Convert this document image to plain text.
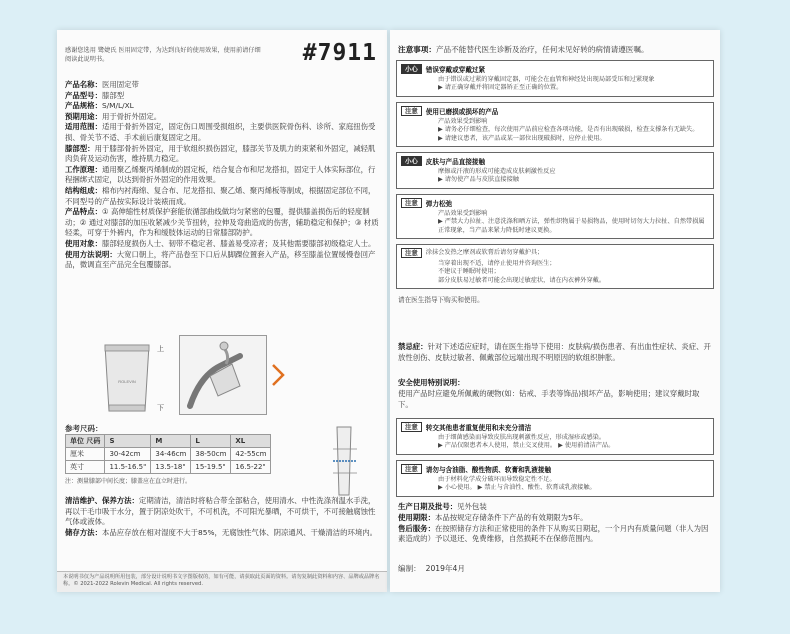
感谢您选用 鹭婕氏 医用固定带，为达到良好的使用效果，使用前请仔细阅读此说明书。	#7911
产品名称：医用固定带
产品型号：膝部型
产品规格：S/M/L/XL
预期用途：用于骨折外固定。
适用范围：适用于骨折外固定，固定伤口周围受损组织，主要供医院骨伤科、诊所、家庭扭伤受损、骨关节不适、手术前后康复固定之用。
膝部型：用于膝部骨折外固定，用于软组织损伤固定，膝部关节及肌力的束紧和外固定，减轻肌肉负荷及运动伤害，维持肌力稳定。
工作原理：通用聚乙烯聚丙烯制成的固定板，结合复合布和尼龙搭扣，固定于人体实际部位，行程捆绑式固定，以达到骨折外固定的作用效果。
结构组成：棉布内衬海绵、复合布、尼龙搭扣、聚乙烯、聚丙烯板等制成，根据固定部位不同，不同型号的产品按实际设计装裱而成。
产品特点：① 高伸缩性材质保护套能依循部曲线做均匀紧密的包覆，提供膝盖损伤后的轻度制动；② 通过对膝部的加压收紧减少关节扭转，拉伸及弯曲造成的伤害，辅助稳定和保护；③ 材质轻柔，可穿于外裤内，作为和缓肢体运动的日常膝部防护。
使用对象：膝部轻度损伤人士、韧带不稳定者、膝盖易受凉者；及其他需要膝部初级稳定人士。
使用方法说明：大宽口朝上，将产品卷至下口后从脚踝位置套入产品，移至膝盖位置缓慢卷回产品，微调直至产品完全包覆膝部。
ROLEVIN
上
下
参考尺码：
单位 尺码	S	M	L	XL
厘米	30-42cm	34-46cm	38-50cm	42-55cm
英寸	11.5-16.5"	13.5-18"	15-19.5"	16.5-22"
注：测量膝部中间长度；膝盖应在直立时进行。
清洁维护、保养方法：定期清洁，清洁时将粘合带全部粘合，使用清水、中性洗涤剂温水手洗，再以干毛巾吸干水分，置于阴凉处吹干，不可机洗，不可阳光暴晒，不可烘干，不可接触腐蚀性气体或液体。
储存方法：本品应存放在相对湿度不大于85%，无腐蚀性气体、阴凉通风、干燥清洁的环境内。
本说明书仅为产品说明所用包装，部分设计说明书文字图版权的，如有可能，请获取此页面的资料。请勿复制此资料和内容、品牌或品牌名称。© 2021-2022 Rolevin Medical. All rights reserved.
注意事项：产品不能替代医生诊断及治疗，任何未见好转的病情请遵医嘱。
小心	错误穿戴或穿戴过紧
由于错误或过紧的穿戴固定器，可能会在血管和神经处出现局部受压和过紧现象
▶ 请正确穿戴并将固定器矫正至正确的位置。
注意	使用已磨损或损坏的产品
产品效果受到影响
▶ 请务必仔细检查，每次使用产品前应检查各项功能，是否有出现破损，检查支撑条有无缺失。
▶ 请建议患者，该产品或某一部位出现破损时，应停止使用。
小心	皮肤与产品直接接触
摩擦或汗液的形成可能造成皮肤刺激性反应
▶ 请勿使产品与皮肤直接接触
注意	弹力松弛
产品效果受到影响
▶ 严禁大力拉扯、注意洗涤和晒方法，弹性织物属于易损物品，使用时切勿大力拉扯、自然带损属正常现象，当产品来紧力降低时建议更换。
注意	涂抹会发热之摩剂或软膏后请勿穿戴护具；
当穿着出现不适，请停止使用并咨询医生；
不建议于睡眠时使用；
部分皮肤易过敏者可能会出现过敏症状，请在内衣裤外穿戴。
请在医生指导下购买和使用。
禁忌症：针对下述适应症时，请在医生指导下使用：皮肤病/损伤患者、有出血性症状、炎症、开放性创伤、皮肤过敏者、佩戴部位远端出现不明原因的软组织肿胀。
安全使用特别说明：
使用产品时应避免所佩戴的硬物(如：钻戒、手表等饰品)损坏产品，影响使用；建议穿戴时取下。
注意	转交其他患者重复使用和未充分清洁
由于细菌感染而导致皮肤出现刺激性反应，形成湿疹或感染。
▶ 产品仅限患者本人使用，禁止交叉使用。 ▶ 使用前清洁产品。
注意	请勿与含油脂、酸性物质、软膏和乳液接触
由于材料化学成分破坏而导致稳定性不足。
▶ 小心使用。 ▶ 禁止与含油性、酸性、软膏或乳液接触。
生产日期及批号：见外包装
使用期限：本品按规定存储条件下产品的有效期限为5年。
售后服务：在按照储存方法和正常使用的条件下从购买日期起，一个月内有质量问题（非人为因素造成的）予以退还、免费维修，自然损耗不在保修范围内。
编制： 2019年4月
